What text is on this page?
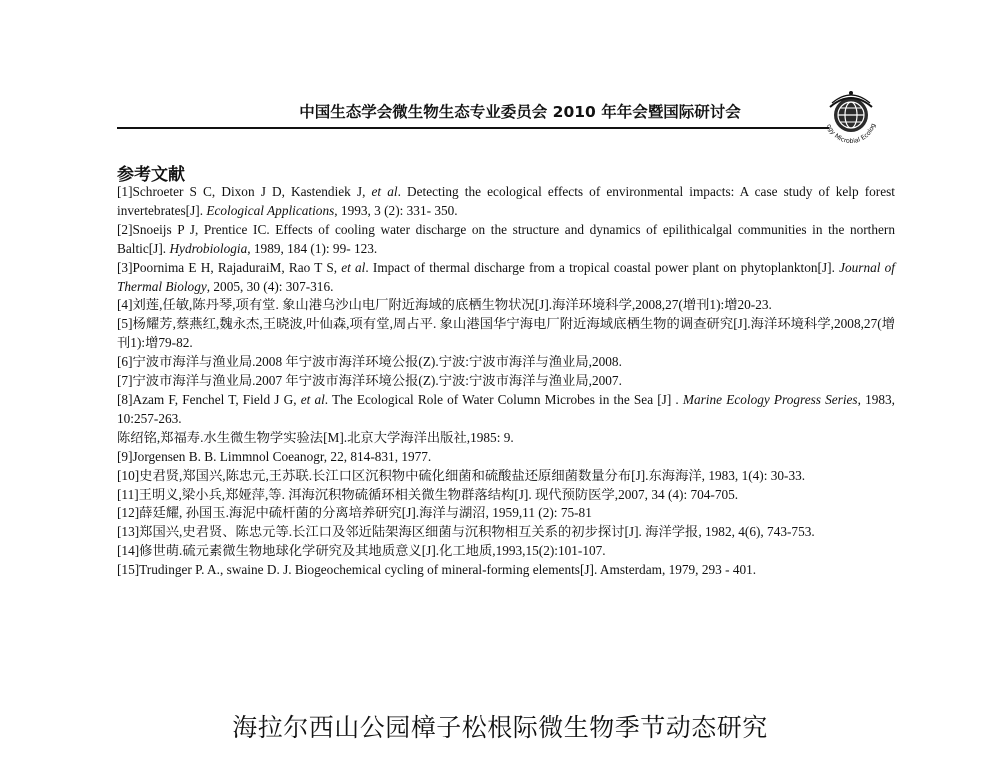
中国生态学会微生物生态专业委员会 2010 年年会暨国际研讨会
ogy Microbial Ecolog
参考文献

[1]Schroeter S C, Dixon J D, Kastendiek J, et al. Detecting the ecological effects of environmental impacts: A case study of kelp forest invertebrates[J]. Ecological Applications, 1993, 3 (2): 331- 350.

[2]Snoeijs P J, Prentice IC. Effects of cooling water discharge on the structure and dynamics of epilithicalgal communities in the northern Baltic[J]. Hydrobiologia, 1989, 184 (1): 99- 123.

[3]Poornima E H, RajaduraiM, Rao T S, et al. Impact of thermal discharge from a tropical coastal power plant on phytoplankton[J]. Journal of Thermal Biology, 2005, 30 (4): 307-316.

[4]刘莲,任敏,陈丹琴,项有堂. 象山港乌沙山电厂附近海域的底栖生物状况[J].海洋环境科学,2008,27(增刊1):增20-23.

[5]杨耀芳,蔡燕红,魏永杰,王晓波,叶仙森,项有堂,周占平. 象山港国华宁海电厂附近海域底栖生物的调查研究[J].海洋环境科学,2008,27(增刊1):增79-82.

[6]宁波市海洋与渔业局.2008 年宁波市海洋环境公报(Z).宁波:宁波市海洋与渔业局,2008.

[7]宁波市海洋与渔业局.2007 年宁波市海洋环境公报(Z).宁波:宁波市海洋与渔业局,2007.

[8]Azam F, Fenchel T, Field J G, et al. The Ecological Role of Water Column Microbes in the Sea [J] . Marine Ecology Progress Series, 1983, 10:257-263.

陈绍铭,郑福寿.水生微生物学实验法[M].北京大学海洋出版社,1985: 9.

[9]Jorgensen B. B. Limmnol Coeanogr, 22, 814-831, 1977.

[10]史君贤,郑国兴,陈忠元,王苏联.长江口区沉积物中硫化细菌和硫酸盐还原细菌数量分布[J].东海海洋, 1983, 1(4): 30-33.

[11]王明义,梁小兵,郑娅萍,等. 洱海沉积物硫循环相关微生物群落结构[J]. 现代预防医学,2007, 34 (4): 704-705.

[12]薛廷耀, 孙国玉.海泥中硫杆菌的分离培养研究[J].海洋与湖沼, 1959,11 (2): 75-81

[13]郑国兴,史君贤、陈忠元等.长江口及邻近陆架海区细菌与沉积物相互关系的初步探讨[J]. 海洋学报, 1982, 4(6), 743-753.

[14]修世萌.硫元素微生物地球化学研究及其地质意义[J].化工地质,1993,15(2):101-107.

[15]Trudinger P. A., swaine D. J. Biogeochemical cycling of mineral-forming elements[J]. Amsterdam, 1979, 293 - 401.

海拉尔西山公园樟子松根际微生物季节动态研究
